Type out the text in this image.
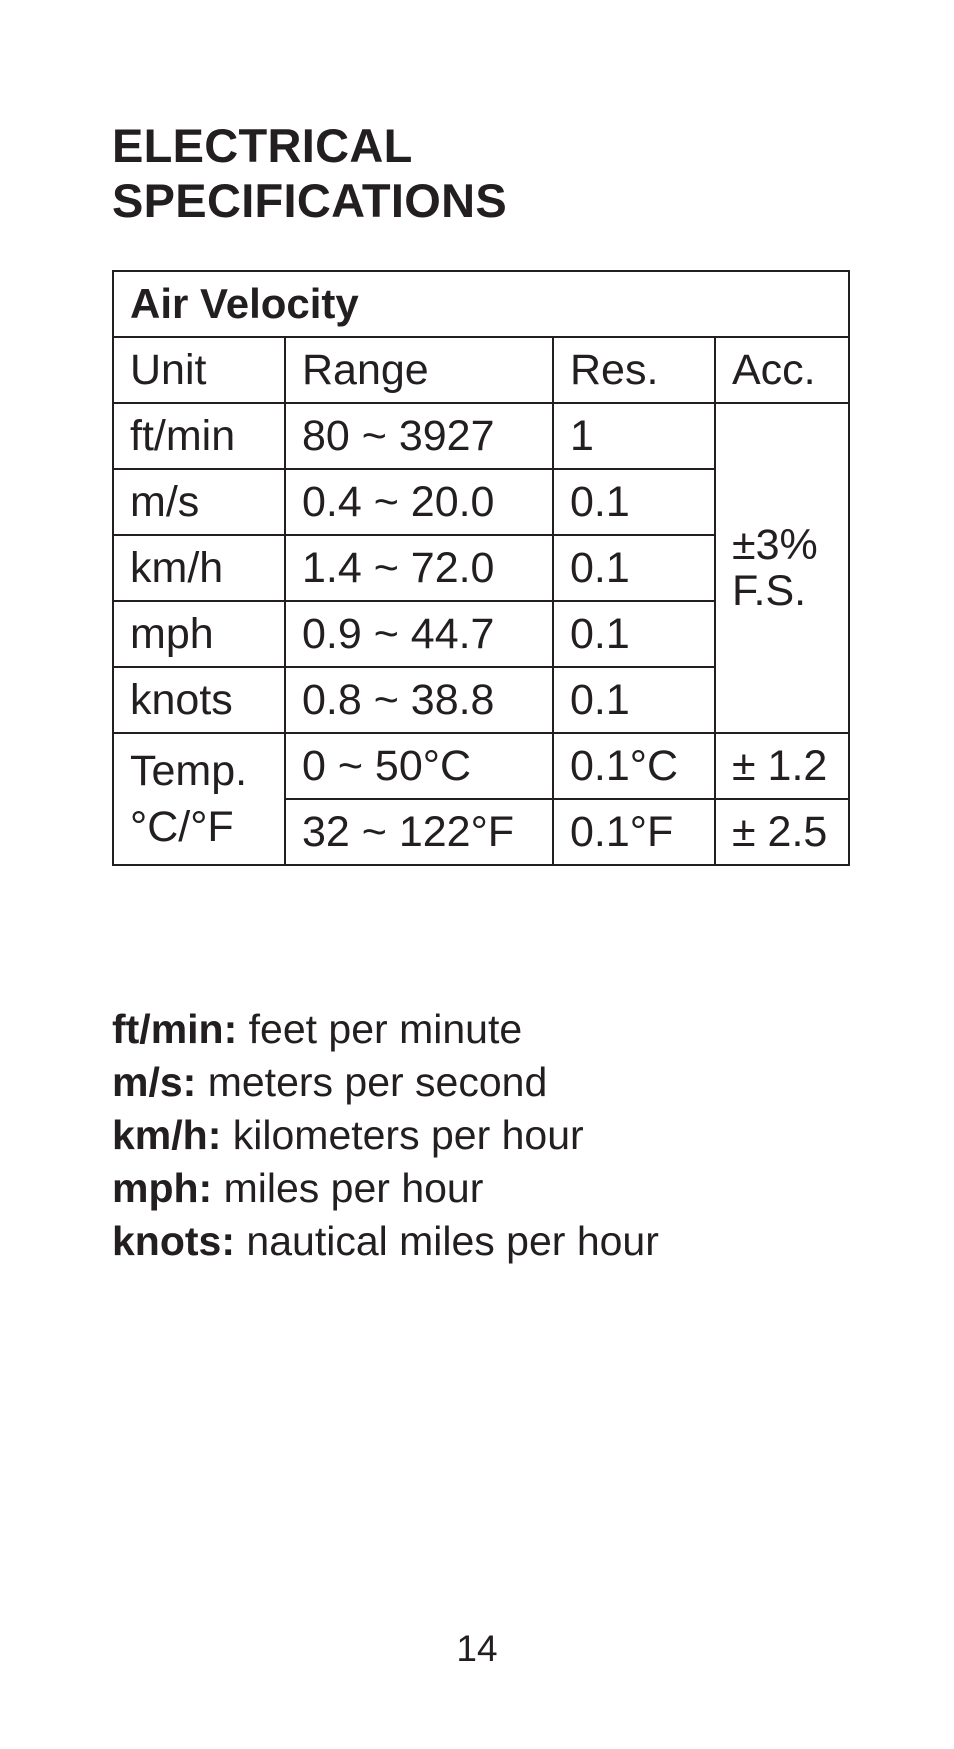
ELECTRICAL
SPECIFICATIONS
Air Velocity			
Unit	Range	Res.	Acc.
ft/min	80 ~ 3927	1	±3%
F.S.
m/s	0.4 ~ 20.0	0.1	
km/h	1.4 ~ 72.0	0.1	
mph	0.9 ~ 44.7	0.1	
knots	0.8 ~ 38.8	0.1	

Temp.
°C/°F	0 ~ 50°C	0.1°C	± 1.2
	32 ~ 122°F	0.1°F	± 2.5
ft/min: feet per minute
m/s: meters per second
km/h: kilometers per hour
mph: miles per hour
knots: nautical miles per hour
14
